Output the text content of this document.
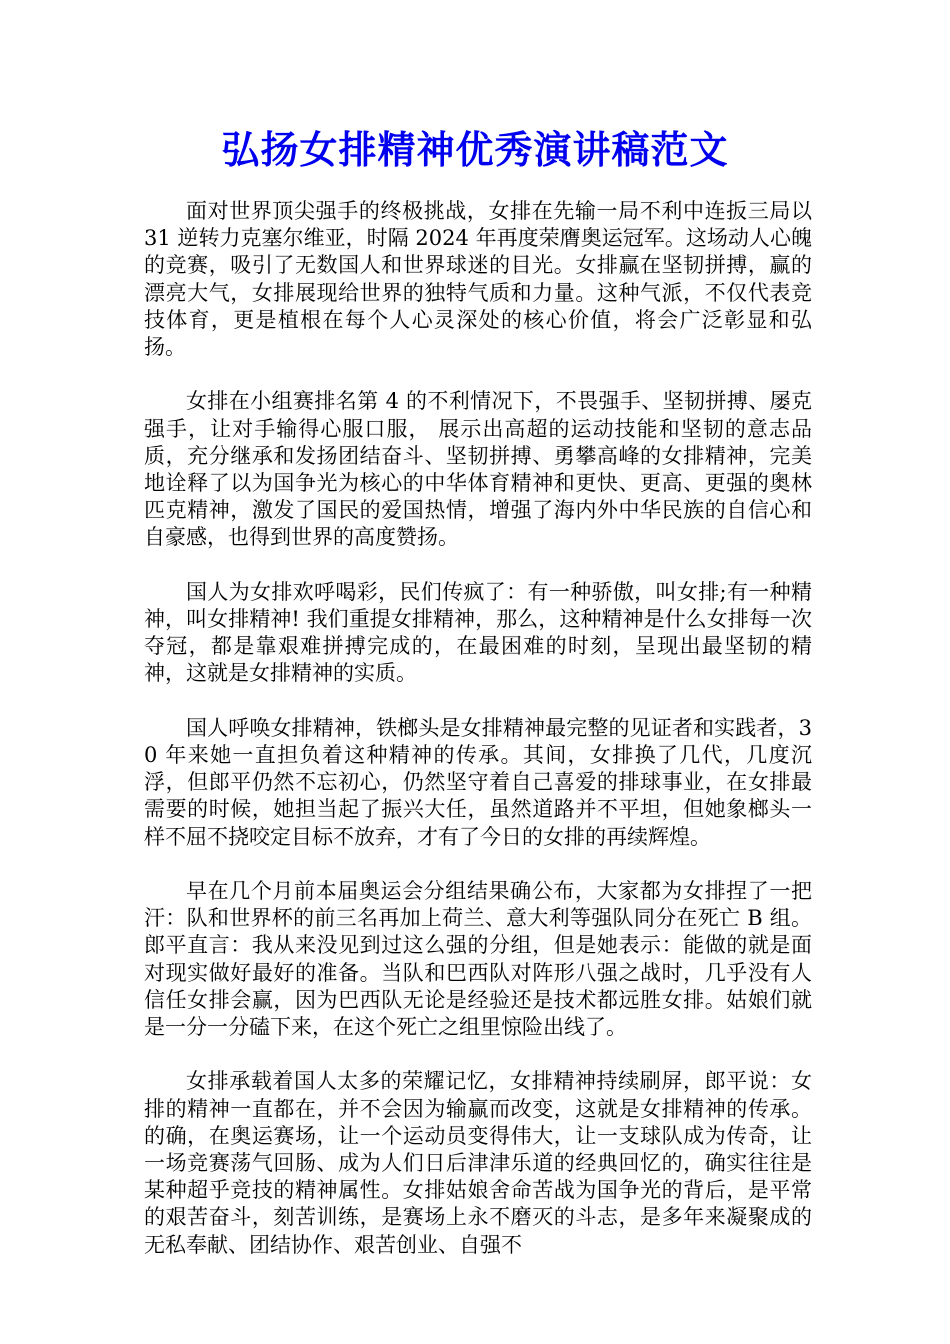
弘扬女排精神优秀演讲稿范文

面对世界顶尖强手的终极挑战，女排在先输一局不利中连扳三局以 31 逆转力克塞尔维亚，时隔 2024 年再度荣膺奥运冠军。这场动人心魄的竞赛，吸引了无数国人和世界球迷的目光。女排赢在坚韧拼搏，赢的漂亮大气，女排展现给世界的独特气质和力量。这种气派，不仅代表竞技体育，更是植根在每个人心灵深处的核心价值，将会广泛彰显和弘扬。

女排在小组赛排名第 4 的不利情况下，不畏强手、坚韧拼搏、屡克强手，让对手输得心服口服， 展示出高超的运动技能和坚韧的意志品质，充分继承和发扬团结奋斗、坚韧拼搏、勇攀高峰的女排精神，完美地诠释了以为国争光为核心的中华体育精神和更快、更高、更强的奥林匹克精神，激发了国民的爱国热情，增强了海内外中华民族的自信心和自豪感，也得到世界的高度赞扬。

国人为女排欢呼喝彩，民们传疯了：有一种骄傲，叫女排;有一种精神，叫女排精神! 我们重提女排精神，那么，这种精神是什么女排每一次夺冠，都是靠艰难拼搏完成的，在最困难的时刻，呈现出最坚韧的精神，这就是女排精神的实质。

国人呼唤女排精神，铁榔头是女排精神最完整的见证者和实践者，30 年来她一直担负着这种精神的传承。其间，女排换了几代，几度沉浮，但郎平仍然不忘初心，仍然坚守着自己喜爱的排球事业，在女排最需要的时候，她担当起了振兴大任，虽然道路并不平坦，但她象榔头一样不屈不挠咬定目标不放弃，才有了今日的女排的再续辉煌。

早在几个月前本届奥运会分组结果确公布，大家都为女排捏了一把汗：队和世界杯的前三名再加上荷兰、意大利等强队同分在死亡 B 组。郎平直言：我从来没见到过这么强的分组，但是她表示：能做的就是面对现实做好最好的准备。当队和巴西队对阵形八强之战时，几乎没有人信任女排会赢，因为巴西队无论是经验还是技术都远胜女排。姑娘们就是一分一分磕下来，在这个死亡之组里惊险出线了。

女排承载着国人太多的荣耀记忆，女排精神持续刷屏，郎平说：女排的精神一直都在，并不会因为输赢而改变，这就是女排精神的传承。的确，在奥运赛场，让一个运动员变得伟大，让一支球队成为传奇，让一场竞赛荡气回肠、成为人们日后津津乐道的经典回忆的，确实往往是某种超乎竞技的精神属性。女排姑娘舍命苦战为国争光的背后，是平常的艰苦奋斗，刻苦训练，是赛场上永不磨灭的斗志，是多年来凝聚成的无私奉献、团结协作、艰苦创业、自强不
